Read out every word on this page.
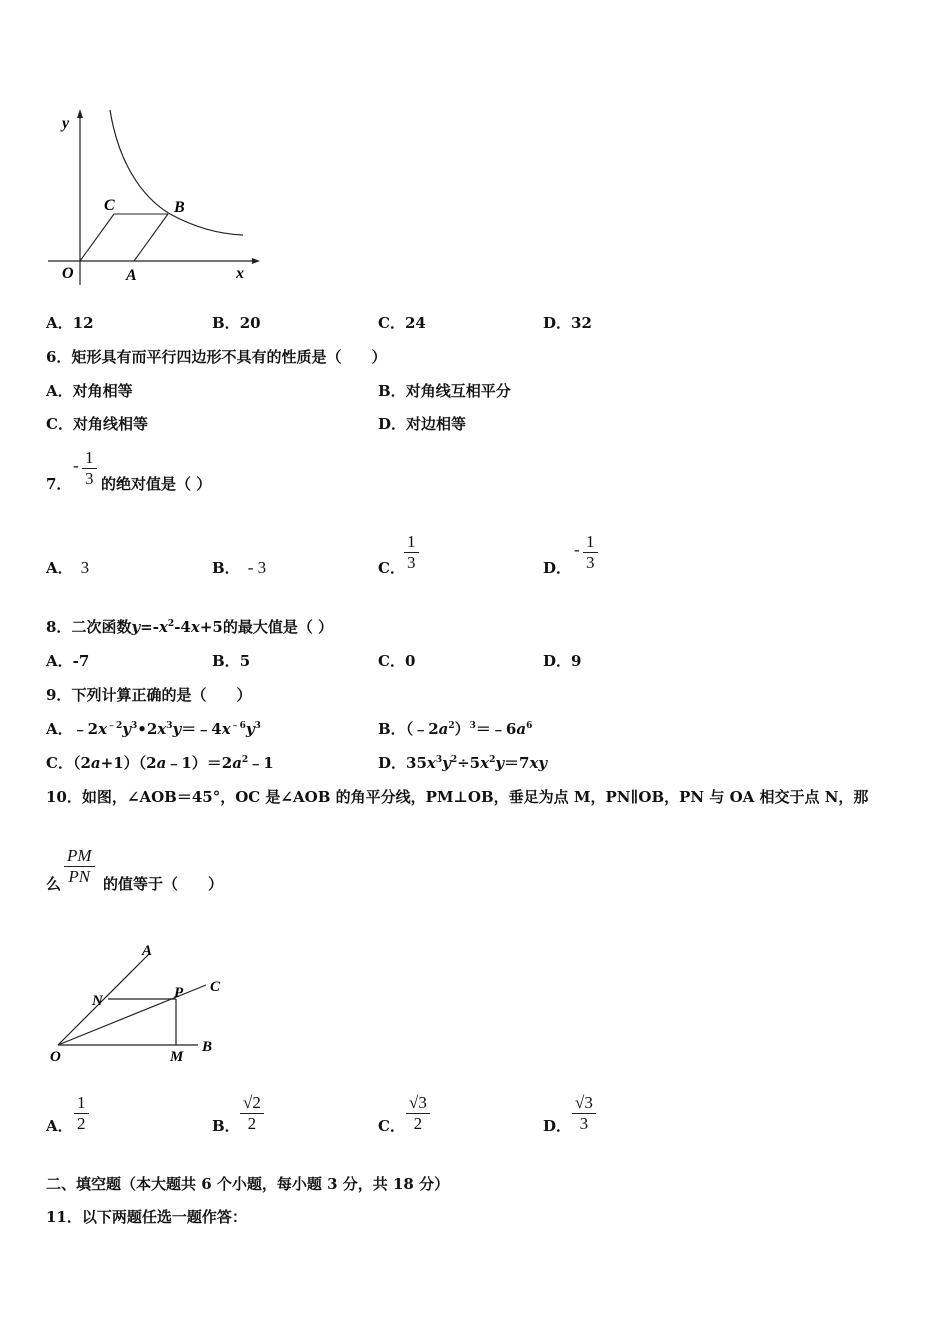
y
x
O	A
B
C
A．12	B．20	C．24	D．32
6．矩形具有而平行四边形不具有的性质是（　　）
A．对角相等	B．对角线互相平分
C．对角线相等	D．对边相等
7．
- $\frac{1}{3}$ 的绝对值是（ ）
A． 3	B． - 3	C． $\frac{1}{3}$	D．
- $\frac{1}{3}$
8．二次函数$y=-x^2-4x+5$的最大值是（ ）
A．-7	B．5	C．0	D．9
9．下列计算正确的是（　　）
A．$﹣2x^{﹣2}y^3•2x^3y=﹣4x^{﹣6}y^3$	B．$(﹣2a^2)^3=﹣6a^6$
C．$(2a+1)(2a﹣1)=2a^2﹣1$	D．$35x^3y^2\div 5x^2y=7xy$
10．如图，∠AOB＝45°，OC 是∠AOB 的角平分线，PM⊥OB，垂足为点 M，PN∥OB，PN 与 OA 相交于点 N，那
么 $\frac{PM}{PN}$ 的值等于（　　）
A
N	P C
O	M
B
A． $\frac{1}{2}$	B． $\frac{√2}{2}$	C． $\frac{√3}{2}$	D． $\frac{√3}{3}$
二、填空题（本大题共 6 个小题，每小题 3 分，共 18 分）
11．以下两题任选一题作答：
